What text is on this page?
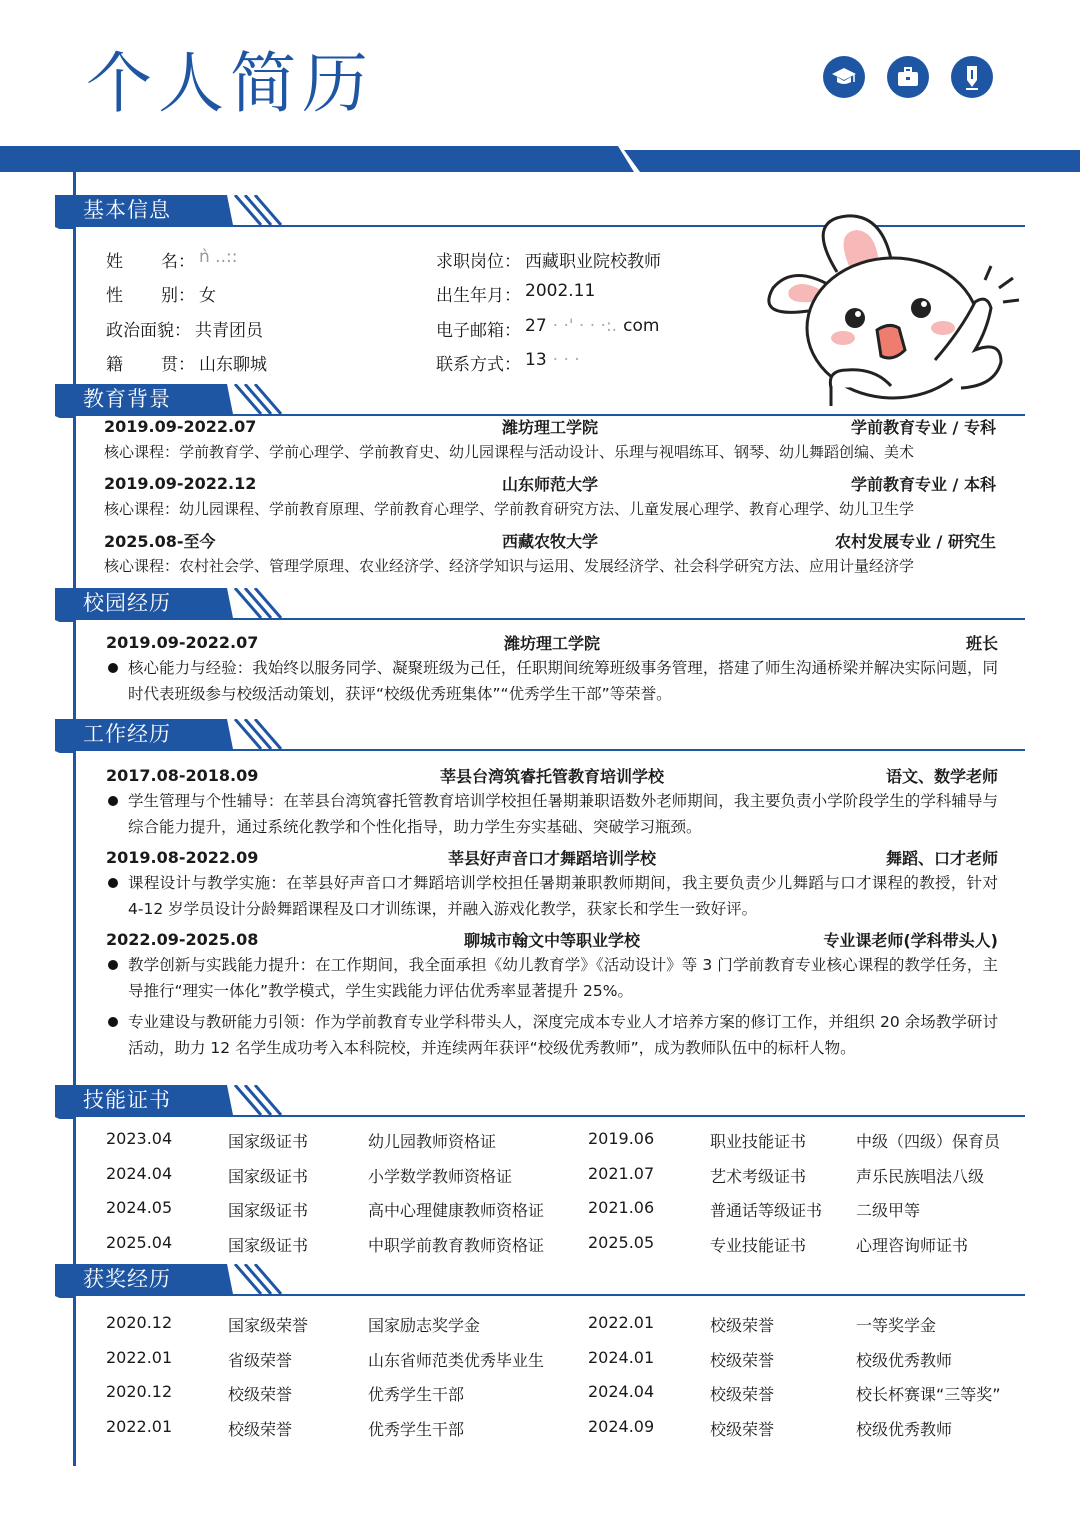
个人简历
基本信息
姓 名 ： ǹ ..::	求职岗位 ： 西藏职业院校教师
性 别 ： 女	出生年月 ： 2002.11
政治面貌 ： 共青团员	电子邮箱 ： 27 · ·' · · ·:. com
籍 贯 ： 山东聊城	联系方式 ： 13 · · ·
教育背景
2019.09-2022.07	潍坊理工学院	学前教育专业 / 专科
核心课程：学前教育学、学前心理学、学前教育史、幼儿园课程与活动设计、乐理与视唱练耳、钢琴、幼儿舞蹈创编、美术
2019.09-2022.12	山东师范大学	学前教育专业 / 本科
核心课程：幼儿园课程、学前教育原理、学前教育心理学、学前教育研究方法、儿童发展心理学、教育心理学、幼儿卫生学
2025.08-至今	西藏农牧大学	农村发展专业 / 研究生
核心课程：农村社会学、管理学原理、农业经济学、经济学知识与运用、发展经济学、社会科学研究方法、应用计量经济学
校园经历
2019.09-2022.07	潍坊理工学院	班长
核心能力与经验：我始终以服务同学、凝聚班级为己任，任职期间统筹班级事务管理，搭建了师生沟通桥梁并解决实际问题，同时代表班级参与校级活动策划，获评“校级优秀班集体”“优秀学生干部”等荣誉。
工作经历
2017.08-2018.09	莘县台湾筑睿托管教育培训学校	语文、数学老师
学生管理与个性辅导：在莘县台湾筑睿托管教育培训学校担任暑期兼职语数外老师期间，我主要负责小学阶段学生的学科辅导与综合能力提升，通过系统化教学和个性化指导，助力学生夯实基础、突破学习瓶颈。
2019.08-2022.09	莘县好声音口才舞蹈培训学校	舞蹈、口才老师
课程设计与教学实施：在莘县好声音口才舞蹈培训学校担任暑期兼职教师期间，我主要负责少儿舞蹈与口才课程的教授，针对 4-12 岁学员设计分龄舞蹈课程及口才训练课，并融入游戏化教学，获家长和学生一致好评。
2022.09-2025.08	聊城市翰文中等职业学校	专业课老师(学科带头人)
教学创新与实践能力提升：在工作期间，我全面承担《幼儿教育学》《活动设计》等 3 门学前教育专业核心课程的教学任务，主导推行“理实一体化”教学模式，学生实践能力评估优秀率显著提升 25%。
专业建设与教研能力引领：作为学前教育专业学科带头人，深度完成本专业人才培养方案的修订工作，并组织 20 余场教学研讨活动，助力 12 名学生成功考入本科院校，并连续两年获评“校级优秀教师”，成为教师队伍中的标杆人物。
技能证书
2023.04	国家级证书	幼儿园教师资格证	2019.06	职业技能证书	中级（四级）保育员
2024.04	国家级证书	小学数学教师资格证	2021.07	艺术考级证书	声乐民族唱法八级
2024.05	国家级证书	高中心理健康教师资格证	2021.06	普通话等级证书 二级甲等
2025.04	国家级证书	中职学前教育教师资格证	2025.05	专业技能证书	心理咨询师证书
获奖经历
2020.12	国家级荣誉	国家励志奖学金	2022.01	校级荣誉	一等奖学金
2022.01	省级荣誉	山东省师范类优秀毕业生	2024.01	校级荣誉	校级优秀教师
2020.12	校级荣誉	优秀学生干部	2024.04	校级荣誉	校长杯赛课“三等奖”
2022.01	校级荣誉	优秀学生干部	2024.09	校级荣誉	校级优秀教师
